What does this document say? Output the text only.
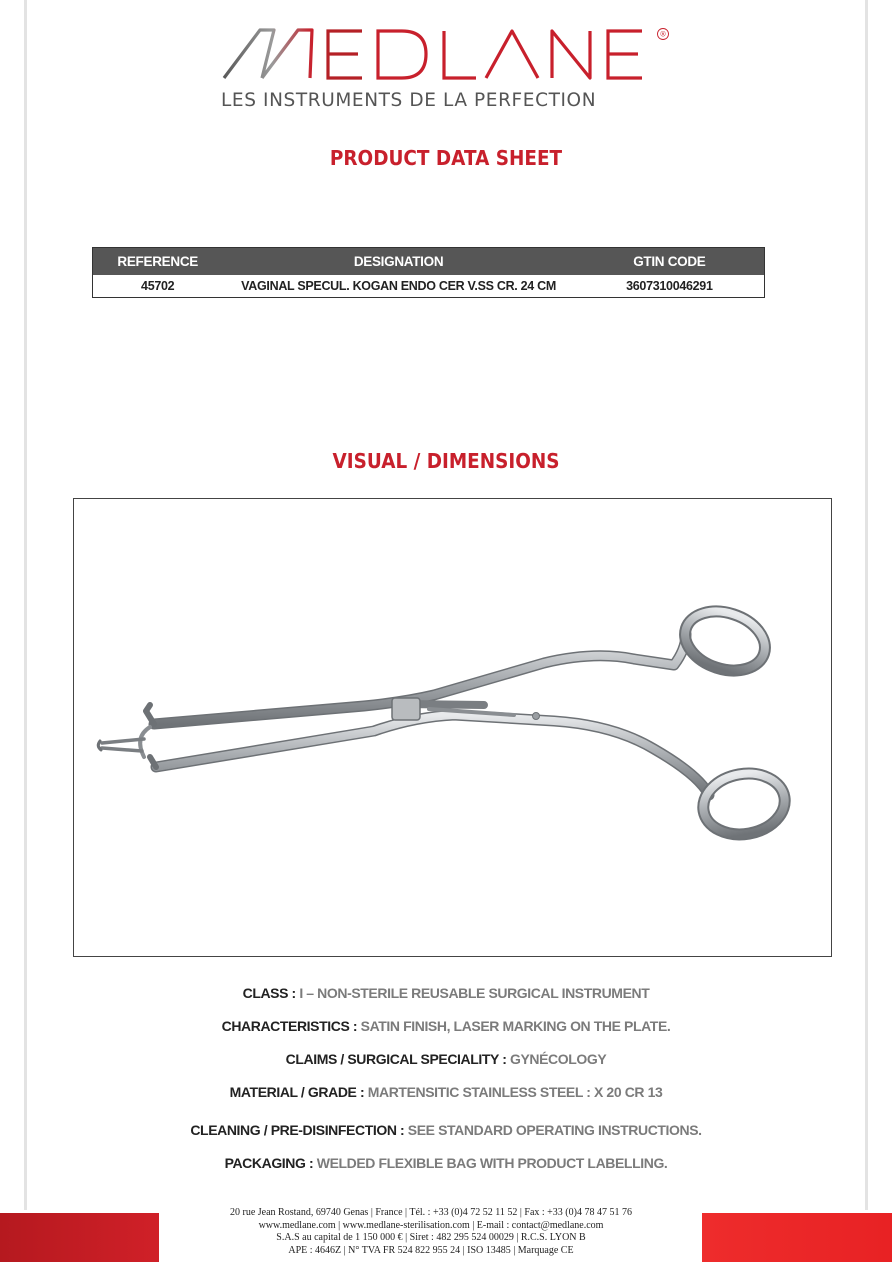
®
LES INSTRUMENTS DE LA PERFECTION
PRODUCT DATA SHEET
REFERENCE	DESIGNATION	GTIN CODE
45702	VAGINAL SPECUL. KOGAN ENDO CER V.SS CR. 24 CM	3607310046291
VISUAL / DIMENSIONS
CLASS : I – NON-STERILE REUSABLE SURGICAL INSTRUMENT
CHARACTERISTICS : SATIN FINISH, LASER MARKING ON THE PLATE.
CLAIMS / SURGICAL SPECIALITY : GYNÉCOLOGY
MATERIAL / GRADE : MARTENSITIC STAINLESS STEEL : X 20 CR 13
CLEANING / PRE-DISINFECTION : SEE STANDARD OPERATING INSTRUCTIONS.
PACKAGING : WELDED FLEXIBLE BAG WITH PRODUCT LABELLING.
20 rue Jean Rostand, 69740 Genas | France | Tél. : +33 (0)4 72 52 11 52 | Fax : +33 (0)4 78 47 51 76
www.medlane.com | www.medlane-sterilisation.com | E-mail : contact@medlane.com
S.A.S au capital de 1 150 000 € | Siret : 482 295 524 00029 | R.C.S. LYON B
APE : 4646Z | N° TVA FR 524 822 955 24 | ISO 13485 | Marquage CE
